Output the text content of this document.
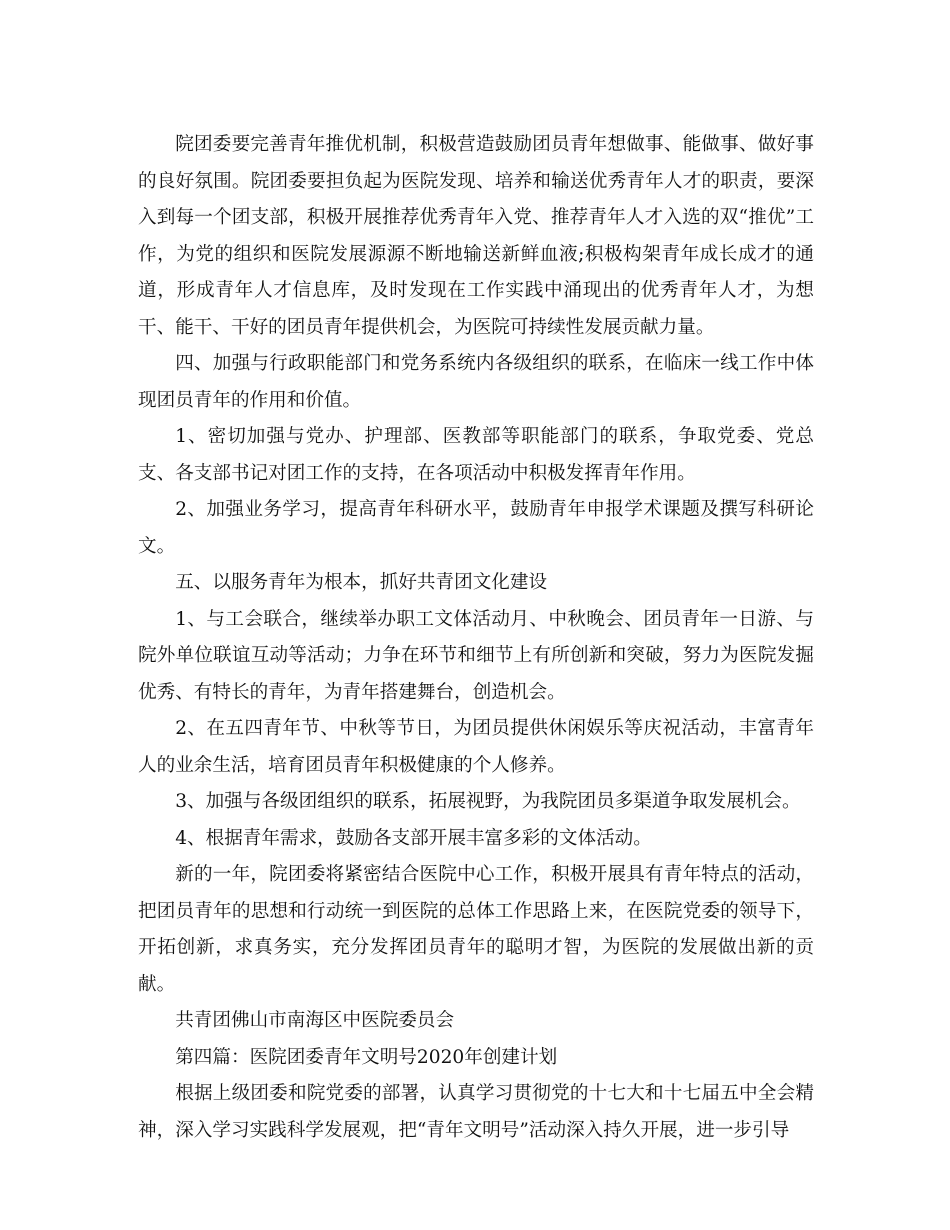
院团委要完善青年推优机制，积极营造鼓励团员青年想做事、能做事、做好事的良好氛围。院团委要担负起为医院发现、培养和输送优秀青年人才的职责，要深入到每一个团支部，积极开展推荐优秀青年入党、推荐青年人才入选的双“推优”工作，为党的组织和医院发展源源不断地输送新鲜血液;积极构架青年成长成才的通道，形成青年人才信息库，及时发现在工作实践中涌现出的优秀青年人才，为想干、能干、干好的团员青年提供机会，为医院可持续性发展贡献力量。

四、加强与行政职能部门和党务系统内各级组织的联系，在临床一线工作中体现团员青年的作用和价值。

1、密切加强与党办、护理部、医教部等职能部门的联系，争取党委、党总支、各支部书记对团工作的支持，在各项活动中积极发挥青年作用。

2、加强业务学习，提高青年科研水平，鼓励青年申报学术课题及撰写科研论文。

五、以服务青年为根本，抓好共青团文化建设

1、与工会联合，继续举办职工文体活动月、中秋晚会、团员青年一日游、与院外单位联谊互动等活动；力争在环节和细节上有所创新和突破，努力为医院发掘优秀、有特长的青年，为青年搭建舞台，创造机会。

2、在五四青年节、中秋等节日，为团员提供休闲娱乐等庆祝活动，丰富青年人的业余生活，培育团员青年积极健康的个人修养。

3、加强与各级团组织的联系，拓展视野，为我院团员多渠道争取发展机会。

4、根据青年需求，鼓励各支部开展丰富多彩的文体活动。

新的一年，院团委将紧密结合医院中心工作，积极开展具有青年特点的活动，把团员青年的思想和行动统一到医院的总体工作思路上来，在医院党委的领导下，开拓创新，求真务实，充分发挥团员青年的聪明才智，为医院的发展做出新的贡献。

共青团佛山市南海区中医院委员会

第四篇：医院团委青年文明号2020年创建计划

根据上级团委和院党委的部署，认真学习贯彻党的十七大和十七届五中全会精神，深入学习实践科学发展观，把“青年文明号”活动深入持久开展，进一步引导
